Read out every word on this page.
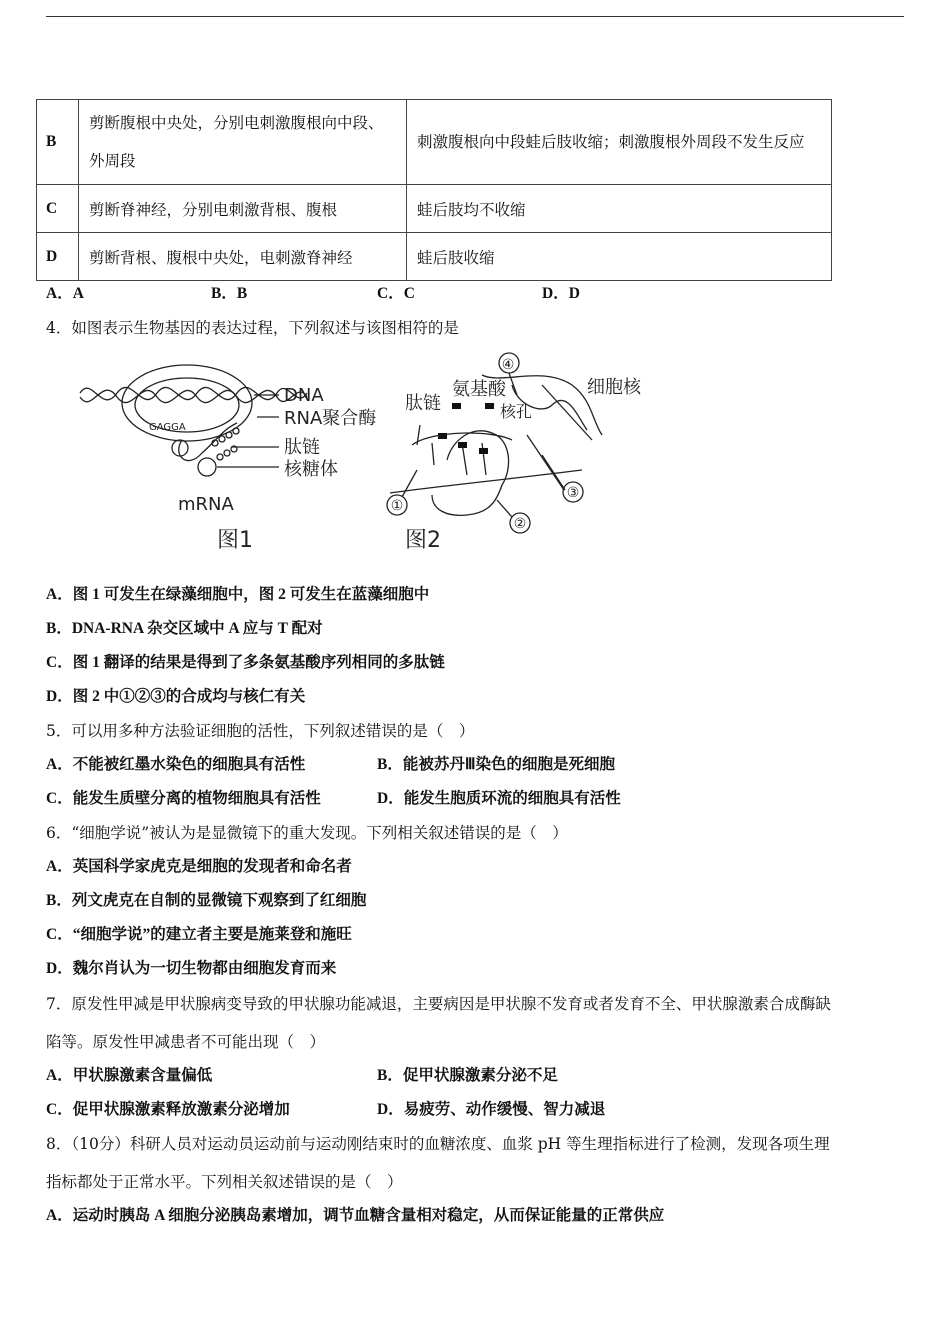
B	剪断腹根中央处，分别电刺激腹根向中段、外周段	刺激腹根向中段蛙后肢收缩；刺激腹根外周段不发生反应
C	剪断脊神经，分别电刺激背根、腹根	蛙后肢均不收缩
D	剪断背根、腹根中央处，电刺激脊神经	蛙后肢收缩
A．A	B．B	C．C	D．D
4．如图表示生物基因的表达过程，下列叙述与该图相符的是
DNA
RNA聚合酶
肽链
核糖体
GAGGA
mRNA
图1
④
氨基酸	细胞核
肽链	核孔
①
②
③
图2
A．图 1 可发生在绿藻细胞中，图 2 可发生在蓝藻细胞中
B．DNA-RNA 杂交区域中 A 应与 T 配对
C．图 1 翻译的结果是得到了多条氨基酸序列相同的多肽链
D．图 2 中①②③的合成均与核仁有关
5．可以用多种方法验证细胞的活性，下列叙述错误的是（　）
A．不能被红墨水染色的细胞具有活性	B．能被苏丹Ⅲ染色的细胞是死细胞
C．能发生质壁分离的植物细胞具有活性	D．能发生胞质环流的细胞具有活性
6．“细胞学说”被认为是显微镜下的重大发现。下列相关叙述错误的是（　）
A．英国科学家虎克是细胞的发现者和命名者
B．列文虎克在自制的显微镜下观察到了红细胞
C．“细胞学说”的建立者主要是施莱登和施旺
D．魏尔肖认为一切生物都由细胞发育而来
7．原发性甲减是甲状腺病变导致的甲状腺功能减退，主要病因是甲状腺不发育或者发育不全、甲状腺激素合成酶缺
陷等。原发性甲减患者不可能出现（　）
A．甲状腺激素含量偏低	B．促甲状腺激素分泌不足
C．促甲状腺激素释放激素分泌增加	D．易疲劳、动作缓慢、智力减退
8．（10分）科研人员对运动员运动前与运动刚结束时的血糖浓度、血浆 pH 等生理指标进行了检测，发现各项生理
指标都处于正常水平。下列相关叙述错误的是（　）
A．运动时胰岛 A 细胞分泌胰岛素增加，调节血糖含量相对稳定，从而保证能量的正常供应
